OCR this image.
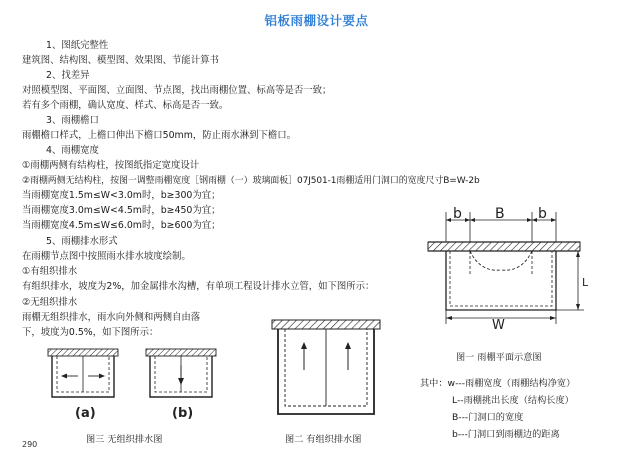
铝板雨棚设计要点
1、图纸完整性
建筑图、结构图、模型图、效果图、节能计算书
2、找差异
对照模型图、平面图、立面图、节点图，找出雨棚位置、标高等是否一致；
若有多个雨棚，确认宽度、样式、标高是否一致。
3、雨棚檐口
雨棚檐口样式，上檐口伸出下檐口50mm，防止雨水淋到下檐口。
4、雨棚宽度
①雨棚两侧有结构柱，按图纸指定宽度设计
②雨棚两侧无结构柱，按图一调整雨棚宽度［钢雨棚（一）玻璃面板］07J501-1雨棚适用门洞口的宽度尺寸B=W-2b
当雨棚宽度1.5m≤W<3.0m时，b≥300为宜；
当雨棚宽度3.0m≤W<4.5m时，b≥450为宜；
当雨棚宽度4.5m≤W≤6.0m时，b≥600为宜；
5、雨棚排水形式
在雨棚节点图中按照雨水排水坡度绘制。
①有组织排水
有组织排水，坡度为2%，加金属排水沟槽，有单项工程设计排水立管，如下图所示：
②无组织排水
雨棚无组织排水，雨水向外侧和两侧自由落
下，坡度为0.5%，如下图所示：
b B b
L
W
图一 雨棚平面示意图
其中：w---雨棚宽度（雨棚结构净宽）
L--雨棚挑出长度（结构长度）
B---门洞口的宽度
b---门洞口到雨棚边的距离
图二 有组织排水图
(a)	(b)
图三 无组织排水图
290
